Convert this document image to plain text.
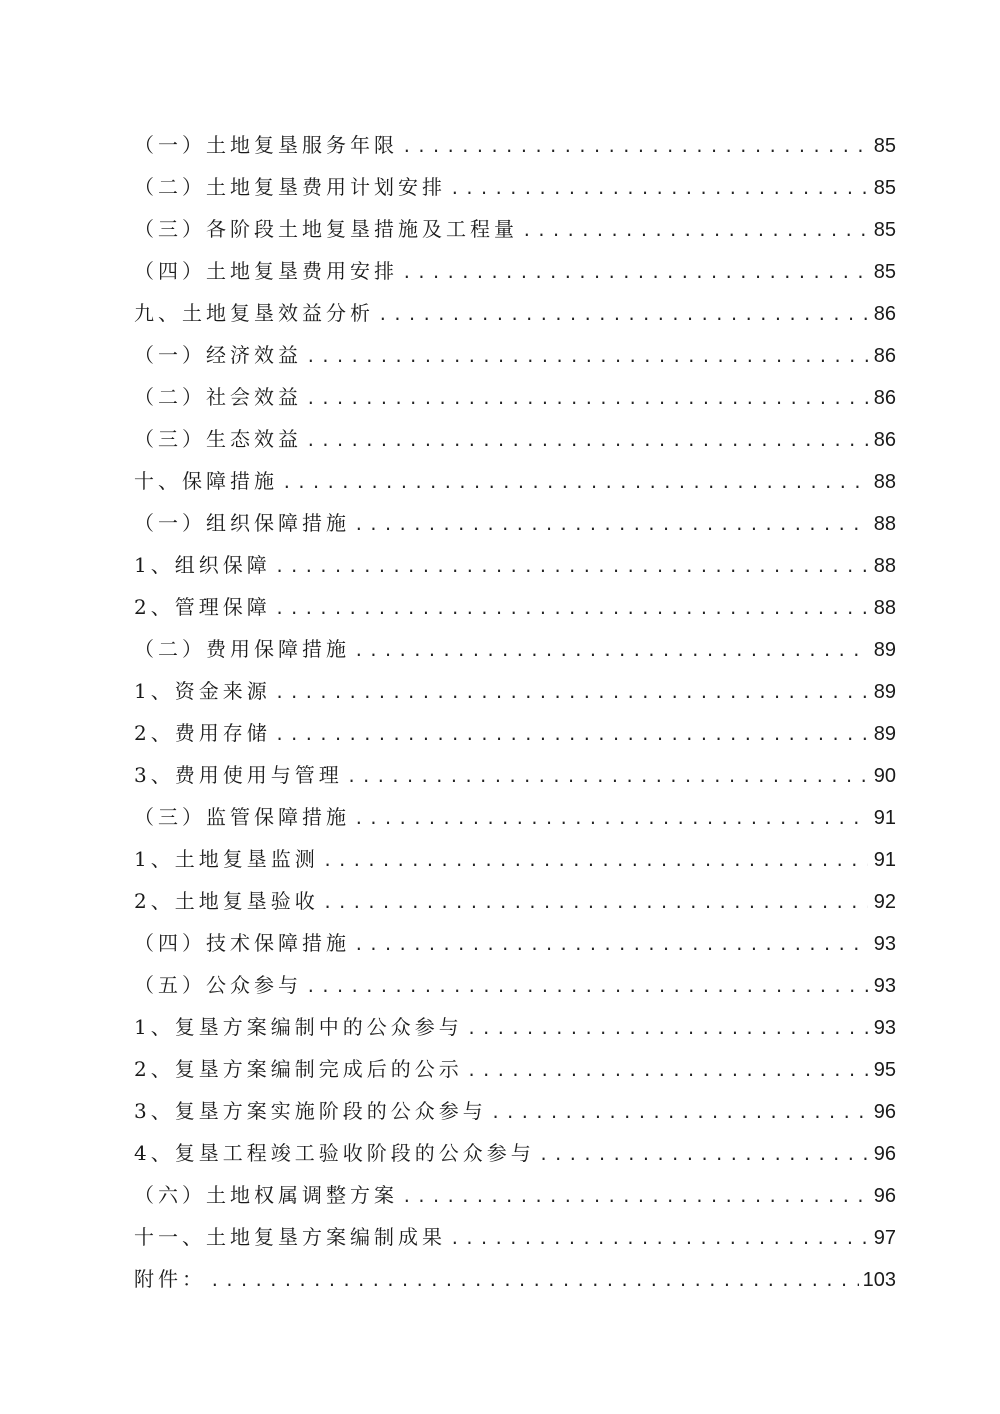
（一）土地复垦服务年限 .....	85
（二）土地复垦费用计划安排 .....	85
（三）各阶段土地复垦措施及工程量 .....	85
（四）土地复垦费用安排 .....	85
九、土地复垦效益分析 .....	86
（一）经济效益 .....	86
（二）社会效益 .....	86
（三）生态效益 .....	86
十、保障措施 .....	88
（一）组织保障措施 .....	88
1、组织保障 .....	88
2、管理保障 .....	88
（二）费用保障措施 .....	89
1、资金来源 .....	89
2、费用存储 .....	89
3、费用使用与管理 .....	90
（三）监管保障措施 .....	91
1、土地复垦监测 .....	91
2、土地复垦验收 .....	92
（四）技术保障措施 .....	93
（五）公众参与 .....	93
1、复垦方案编制中的公众参与 .....	93
2、复垦方案编制完成后的公示 .....	95
3、复垦方案实施阶段的公众参与 .....	96
4、复垦工程竣工验收阶段的公众参与 .....	96
（六）土地权属调整方案 .....	96
十一、土地复垦方案编制成果 .....	97
附件： .....	103
